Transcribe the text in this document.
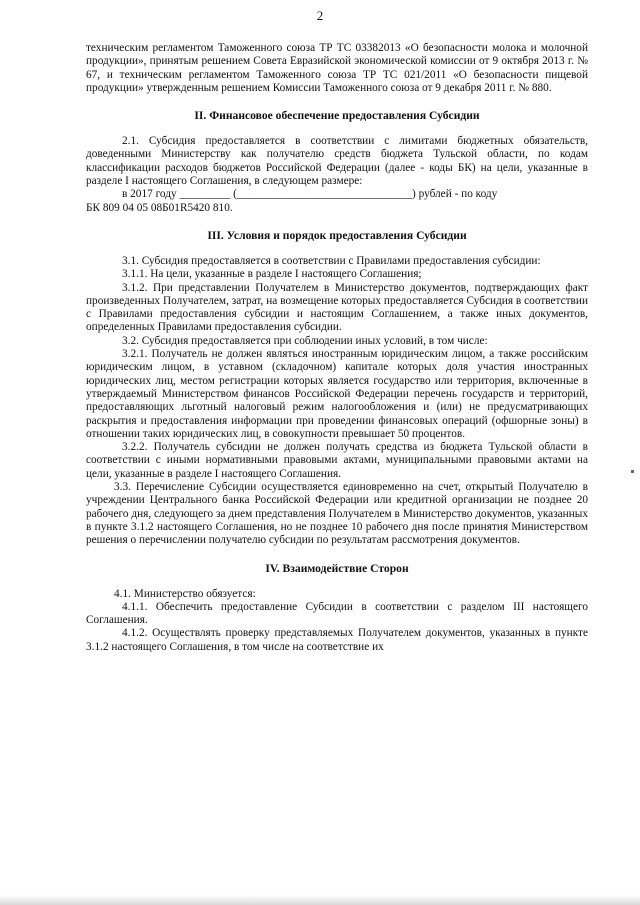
2

техническим регламентом Таможенного союза ТР ТС 03382013 «О безопасности молока и молочной продукции», принятым решением Совета Евразийской экономической комиссии от 9 октября 2013 г. № 67, и техническим регламентом Таможенного союза ТР ТС 021/2011 «О безопасности пищевой продукции» утвержденным решением Комиссии Таможенного союза от 9 декабря 2011 г. № 880.

II. Финансовое обеспечение предоставления Субсидии

2.1. Субсидия предоставляется в соответствии с лимитами бюджетных обязательств, доведенными Министерству как получателю средств бюджета Тульской области, по кодам классификации расходов бюджетов Российской Федерации (далее - коды БК) на цели, указанные в разделе I настоящего Соглашения, в следующем размере:

в 2017 году _________ (_______________________________) рублей - по коду

БК 809 04 05 08Б01R5420 810.

III. Условия и порядок предоставления Субсидии

3.1. Субсидия предоставляется в соответствии с Правилами предоставления субсидии:

3.1.1. На цели, указанные в разделе I настоящего Соглашения;

3.1.2. При представлении Получателем в Министерство документов, подтверждающих факт произведенных Получателем, затрат, на возмещение которых предоставляется Субсидия в соответствии с Правилами предоставления субсидии и настоящим Соглашением, а также иных документов, определенных Правилами предоставления субсидии.

3.2. Субсидия предоставляется при соблюдении иных условий, в том числе:

3.2.1. Получатель не должен являться иностранным юридическим лицом, а также российским юридическим лицом, в уставном (складочном) капитале которых доля участия иностранных юридических лиц, местом регистрации которых является государство или территория, включенные в утверждаемый Министерством финансов Российской Федерации перечень государств и территорий, предоставляющих льготный налоговый режим налогообложения и (или) не предусматривающих раскрытия и предоставления информации при проведении финансовых операций (офшорные зоны) в отношении таких юридических лиц, в совокупности превышает 50 процентов.

3.2.2. Получатель субсидии не должен получать средства из бюджета Тульской области в соответствии с иными нормативными правовыми актами, муниципальными правовыми актами на цели, указанные в разделе I настоящего Соглашения.

3.3. Перечисление Субсидии осуществляется единовременно на счет, открытый Получателю в учреждении Центрального банка Российской Федерации или кредитной организации не позднее 20 рабочего дня, следующего за днем представления Получателем в Министерство документов, указанных в пункте 3.1.2 настоящего Соглашения, но не позднее 10 рабочего дня после принятия Министерством решения о перечислении получателю субсидии по результатам рассмотрения документов.

IV. Взаимодействие Сторон

4.1. Министерство обязуется:

4.1.1. Обеспечить предоставление Субсидии в соответствии с разделом III настоящего Соглашения.

4.1.2. Осуществлять проверку представляемых Получателем документов, указанных в пункте 3.1.2 настоящего Соглашения, в том числе на соответствие их
